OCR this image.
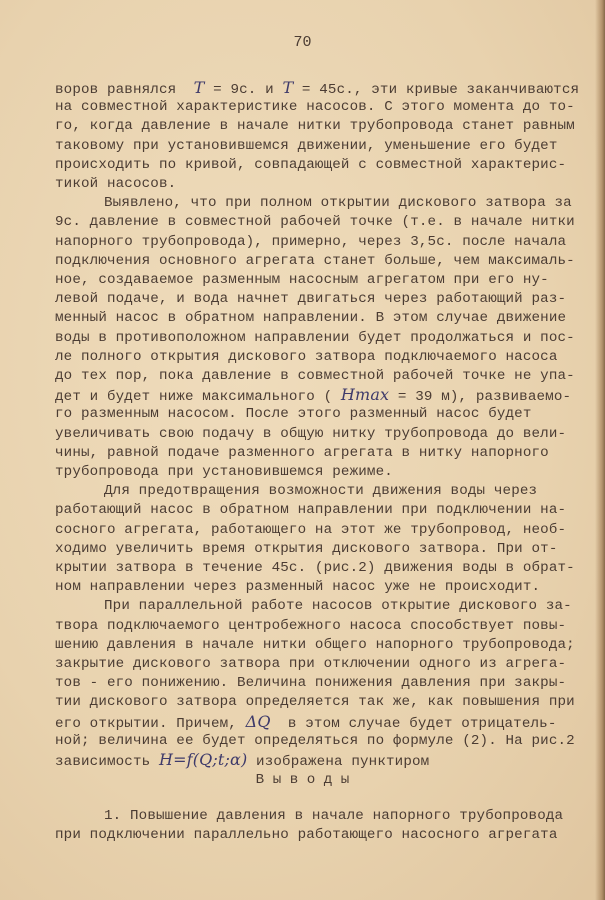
70
воров равнялся  T = 9с. и T = 45с., эти кривые заканчиваются
на совместной характеристике насосов. С этого момента до то-
го, когда давление в начале нитки трубопровода станет равным
таковому при установившемся движении, уменьшение его будет
происходить по кривой, совпадающей с совместной характерис-
тикой насосов.
Выявлено, что при полном открытии дискового затвора за
9с. давление в совместной рабочей точке (т.е. в начале нитки
напорного трубопровода), примерно, через 3,5с. после начала
подключения основного агрегата станет больше, чем максималь-
ное, создаваемое разменным насосным агрегатом при его ну-
левой подаче, и вода начнет двигаться через работающий раз-
менный насос в обратном направлении. В этом случае движение
воды в противоположном направлении будет продолжаться и пос-
ле полного открытия дискового затвора подключаемого насоса
до тех пор, пока давление в совместной рабочей точке не упа-
дет и будет ниже максимального ( Hmax = 39 м), развиваемо-
го разменным насосом. После этого разменный насос будет
увеличивать свою подачу в общую нитку трубопровода до вели-
чины, равной подаче разменного агрегата в нитку напорного
трубопровода при установившемся режиме.
Для предотвращения возможности движения воды через
работающий насос в обратном направлении при подключении на-
сосного агрегата, работающего на этот же трубопровод, необ-
ходимо увеличить время открытия дискового затвора. При от-
крытии затвора в течение 45с. (рис.2) движения воды в обрат-
ном направлении через разменный насос уже не происходит.
При параллельной работе насосов открытие дискового за-
твора подключаемого центробежного насоса способствует повы-
шению давления в начале нитки общего напорного трубопровода;
закрытие дискового затвора при отключении одного из агрега-
тов - его понижению. Величина понижения давления при закры-
тии дискового затвора определяется так же, как повышения при
его открытии. Причем, ΔQ  в этом случае будет отрицатель-
ной; величина ее будет определяться по формуле (2). На рис.2
зависимость H=f(Q;t;α) изображена пунктиром
В ы в о д ы
1. Повышение давления в начале напорного трубопровода
при подключении параллельно работающего насосного агрегата
